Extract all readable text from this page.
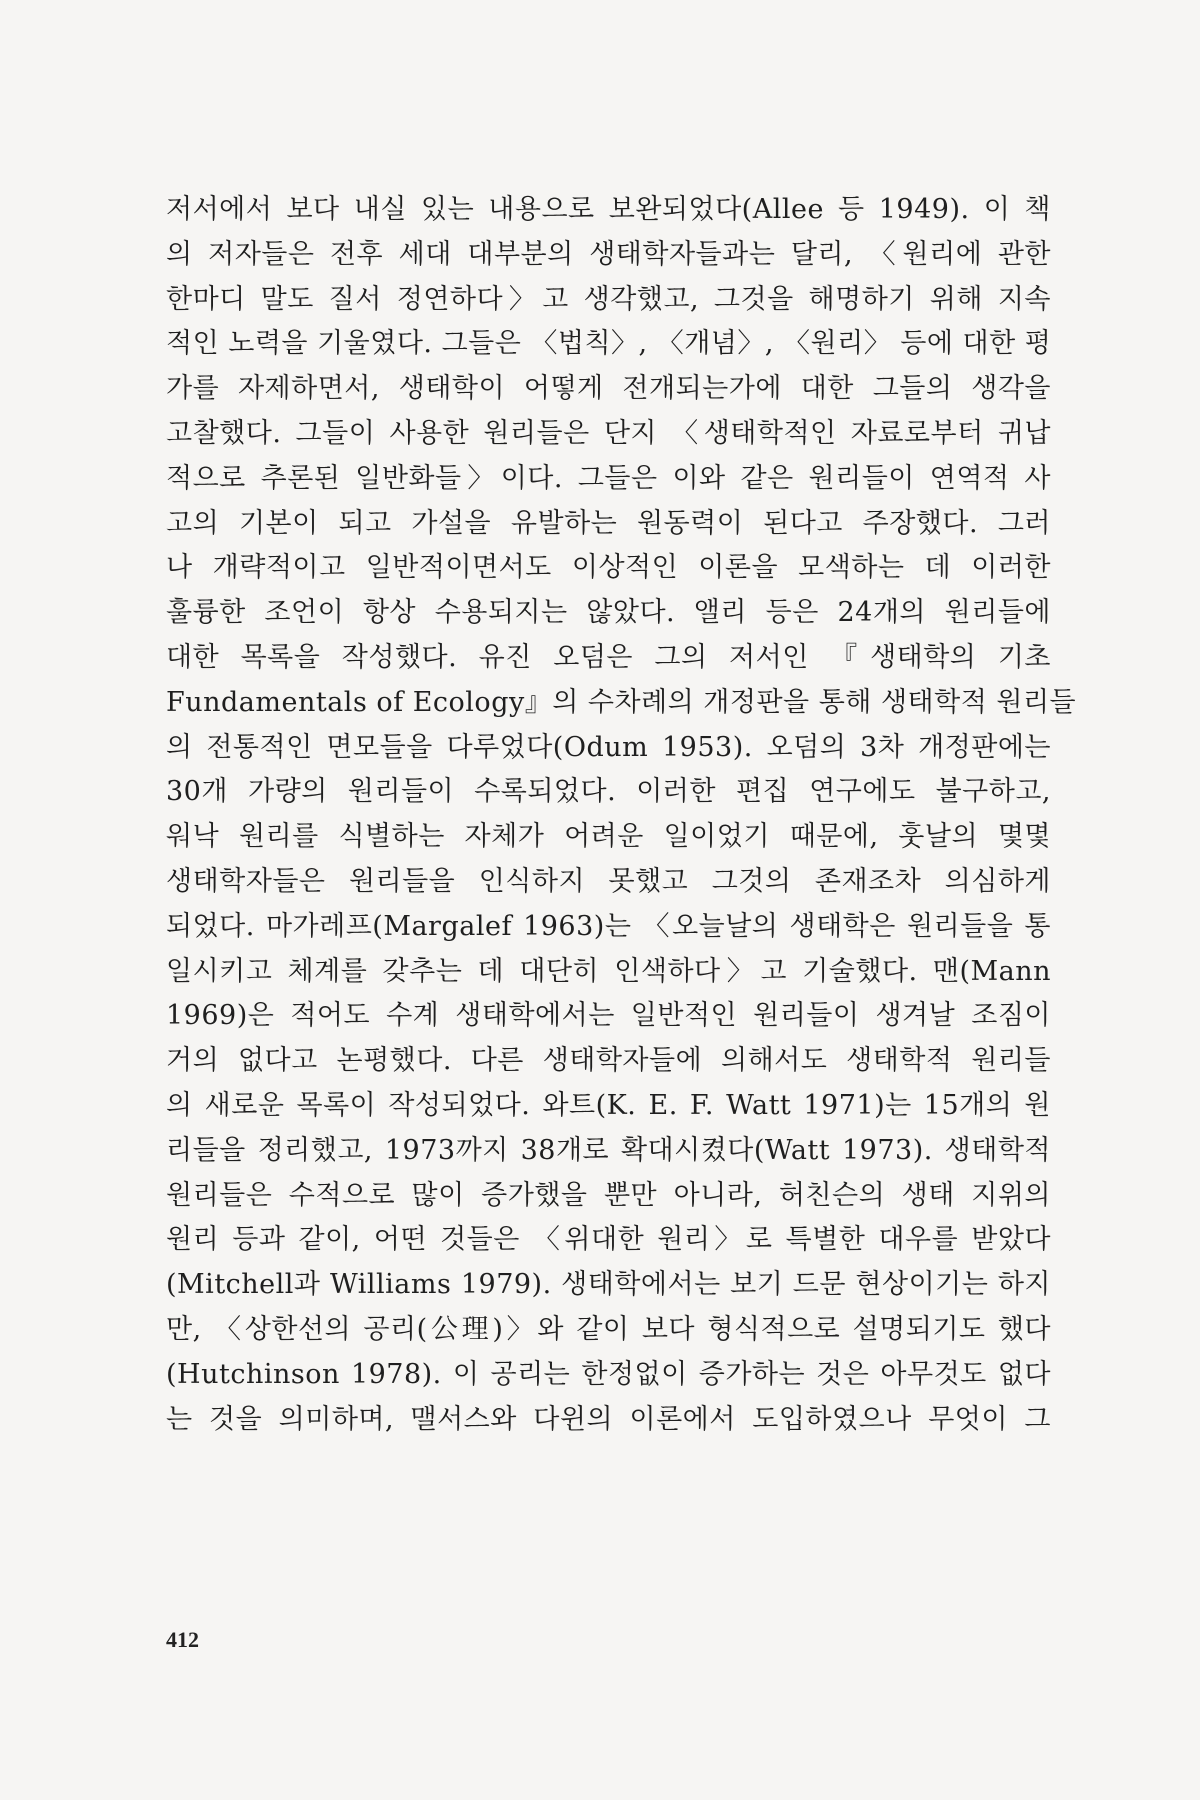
저서에서 보다 내실 있는 내용으로 보완되었다(Allee 등 1949). 이 책
의 저자들은 전후 세대 대부분의 생태학자들과는 달리, 〈원리에 관한
한마디 말도 질서 정연하다〉고 생각했고, 그것을 해명하기 위해 지속
적인 노력을 기울였다. 그들은 〈법칙〉, 〈개념〉, 〈원리〉 등에 대한 평
가를 자제하면서, 생태학이 어떻게 전개되는가에 대한 그들의 생각을
고찰했다. 그들이 사용한 원리들은 단지 〈생태학적인 자료로부터 귀납
적으로 추론된 일반화들〉이다. 그들은 이와 같은 원리들이 연역적 사
고의 기본이 되고 가설을 유발하는 원동력이 된다고 주장했다. 그러
나 개략적이고 일반적이면서도 이상적인 이론을 모색하는 데 이러한
훌륭한 조언이 항상 수용되지는 않았다. 앨리 등은 24개의 원리들에
대한 목록을 작성했다. 유진 오덤은 그의 저서인 『생태학의 기초
Fundamentals of Ecology』의 수차례의 개정판을 통해 생태학적 원리들
의 전통적인 면모들을 다루었다(Odum 1953). 오덤의 3차 개정판에는
30개 가량의 원리들이 수록되었다. 이러한 편집 연구에도 불구하고,
워낙 원리를 식별하는 자체가 어려운 일이었기 때문에, 훗날의 몇몇
생태학자들은 원리들을 인식하지 못했고 그것의 존재조차 의심하게
되었다. 마가레프(Margalef 1963)는 〈오늘날의 생태학은 원리들을 통
일시키고 체계를 갖추는 데 대단히 인색하다〉고 기술했다. 맨(Mann
1969)은 적어도 수계 생태학에서는 일반적인 원리들이 생겨날 조짐이
거의 없다고 논평했다. 다른 생태학자들에 의해서도 생태학적 원리들
의 새로운 목록이 작성되었다. 와트(K. E. F. Watt 1971)는 15개의 원
리들을 정리했고, 1973까지 38개로 확대시켰다(Watt 1973). 생태학적
원리들은 수적으로 많이 증가했을 뿐만 아니라, 허친슨의 생태 지위의
원리 등과 같이, 어떤 것들은 〈위대한 원리〉로 특별한 대우를 받았다
(Mitchell과 Williams 1979). 생태학에서는 보기 드문 현상이기는 하지
만, 〈상한선의 공리(公理)〉와 같이 보다 형식적으로 설명되기도 했다
(Hutchinson 1978). 이 공리는 한정없이 증가하는 것은 아무것도 없다
는 것을 의미하며, 맬서스와 다윈의 이론에서 도입하였으나 무엇이 그
412
